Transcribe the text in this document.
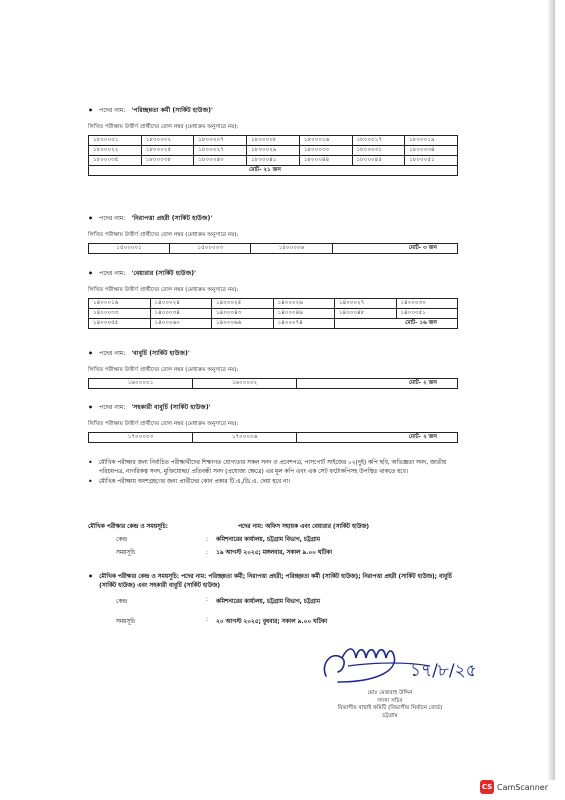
• পদের নাম: 'পরিচ্ছন্নতা কর্মী (সার্কিট হাউজ)'
লিখিত পরীক্ষায় উত্তীর্ণ প্রার্থীদের রোল নম্বর (মেধাক্রম অনুসারে নয়):
১৮০০০০১	১৮০০০০২	১৮০০০০৭	১৮০০০০৮	১৮০০০১৬	১৮০০০১৭	১৮০০০১৯
১৮০০০২২	১৮০০০২৫	১৮০০০২৭	১৮০০০২৯	১৮০০০৩০	১৮০০০৩১	১৮০০০৩৪
১৮০০০৩৫	১৮০০০৩৮	১৮০০০৪০	১৮০০০৪১	১৮০০০৪৪	১৮০০০৪৫	১৮০০০৫১
মোট- ২১ জন						
• পদের নাম: 'নিরাপত্তা প্রহরী (সার্কিট হাউজ)'
লিখিত পরীক্ষায় উত্তীর্ণ প্রার্থীদের রোল নম্বর (মেধাক্রম অনুসারে নয়):
১৫০০০০১	১৫০০০০৩	১৫০০০০৬	মোট- ৩ জন
• পদের নাম: 'বেয়ারার (সার্কিট হাউজ)'
লিখিত পরীক্ষায় উত্তীর্ণ প্রার্থীদের রোল নম্বর (মেধাক্রম অনুসারে নয়):
১৪০০০১৬	১৪০০০২৪	১৪০০০২৫	১৪০০০২৬	১৪০০০২৭	১৪০০০৩০
১৪০০০৩৩	১৪০০০৩৪	১৪০০০৪৩	১৪০০০৪৬	১৪০০০৪৮	১৪০০০৫১
১৪০০০৫৫	১৪০০০৬০	১৪০০০৬৬	১৪০০০৭৪	মোট- ১৬ জন	
• পদের নাম: 'বাবুর্চি (সার্কিট হাউজ)'
লিখিত পরীক্ষায় উত্তীর্ণ প্রার্থীদের রোল নম্বর (মেধাক্রম অনুসারে নয়):
১৬০০০০১	১৬০০০০২	মোট- ২ জন
• পদের নাম: 'সহকারী বাবুর্চি (সার্কিট হাউজ)'
লিখিত পরীক্ষায় উত্তীর্ণ প্রার্থীদের রোল নম্বর (মেধাক্রম অনুসারে নয়):
১৭০০০০৩	১৭০০০০৬	মোট- ২ জন
• মৌখিক পরীক্ষার জন্য নির্বাচিত পরীক্ষার্থীদের শিক্ষাগত যোগ্যতার সকল সনদ ও প্রবেশপত্র, পাসপোর্ট সাইজের ০২(দুই) কপি ছবি, অভিজ্ঞতা সনদ, জাতীয় পরিচয়পত্র, নাগরিকত্ব সনদ, মুক্তিযোদ্ধা/ প্রতিবন্ধী সনদ (প্রযোজ্য ক্ষেত্রে) এর মূল কপি এবং এক সেট ফটোকপিসহ উপস্থিত থাকতে হবে।
• মৌখিক পরীক্ষায় অংশগ্রহণের জন্য প্রার্থীদের কোন প্রকার টি.এ./ডি.এ. দেয়া হবে না।
মৌখিক পরীক্ষার কেন্দ্র ও সময়সূচি:	পদের নাম: অফিস সহায়ক এবং বেয়ারার (সার্কিট হাউজ)
কেন্দ্র	:	কমিশনারের কার্যালয়, চট্টগ্রাম বিভাগ, চট্টগ্রাম
সময়সূচি	:	১৯ আগস্ট ২০২৫; মঙ্গলবার, সকাল ৯.০০ ঘটিকা
• মৌখিক পরীক্ষার কেন্দ্র ও সময়সূচি: পদের নাম: পরিচ্ছন্নতা কর্মী; নিরাপত্তা প্রহরী; পরিচ্ছন্নতা কর্মী (সার্কিট হাউজ); নিরাপত্তা প্রহরী (সার্কিট হাউজ); বাবুর্চি (সার্কিট হাউজ) এবং সহকারী বাবুর্চি (সার্কিট হাউজ)
কেন্দ্র	:	কমিশনারের কার্যালয়, চট্টগ্রাম বিভাগ, চট্টগ্রাম
সময়সূচি	:	২০ আগস্ট ২০২৫; বুধবার; সকাল ৯.০০ ঘটিকা
১৭/৮/২৫
মোঃ মেজবাহ উদ্দিন
সদস্য সচিব
বিভাগীয় বাছাই কমিটি (বিভাগীয় নির্বাচন বোর্ড)
চট্টগ্রাম
CS CamScanner
